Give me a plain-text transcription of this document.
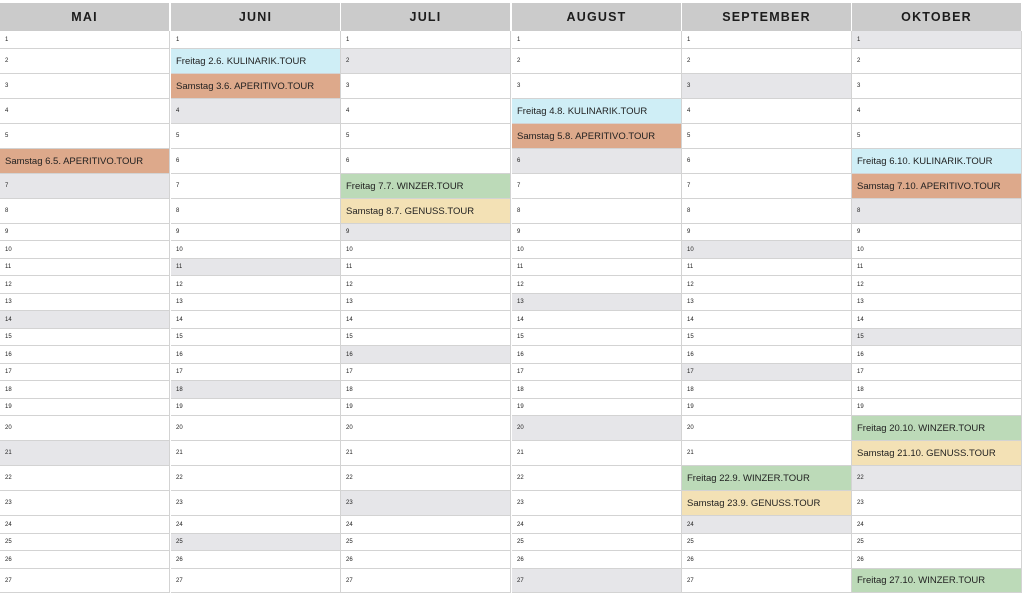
MAI
1
2
3
4
5
Samstag 6.5. APERITIVO.TOUR
7
8
9
10
11
12
13
14
15
16
17
18
19
20
21
22
23
24
25
26
27
JUNI
1
Freitag 2.6. KULINARIK.TOUR
Samstag 3.6. APERITIVO.TOUR
4
5
6
7
8
9
10
11
12
13
14
15
16
17
18
19
20
21
22
23
24
25
26
27
JULI
1
2
3
4
5
6
Freitag 7.7. WINZER.TOUR
Samstag 8.7. GENUSS.TOUR
9
10
11
12
13
14
15
16
17
18
19
20
21
22
23
24
25
26
27
AUGUST
1
2
3
Freitag 4.8. KULINARIK.TOUR
Samstag 5.8. APERITIVO.TOUR
6
7
8
9
10
11
12
13
14
15
16
17
18
19
20
21
22
23
24
25
26
27
SEPTEMBER
1
2
3
4
5
6
7
8
9
10
11
12
13
14
15
16
17
18
19
20
21
Freitag 22.9. WINZER.TOUR
Samstag 23.9. GENUSS.TOUR
24
25
26
27
OKTOBER
1
2
3
4
5
Freitag 6.10. KULINARIK.TOUR
Samstag 7.10. APERITIVO.TOUR
8
9
10
11
12
13
14
15
16
17
18
19
Freitag 20.10. WINZER.TOUR
Samstag 21.10. GENUSS.TOUR
22
23
24
25
26
Freitag 27.10. WINZER.TOUR
